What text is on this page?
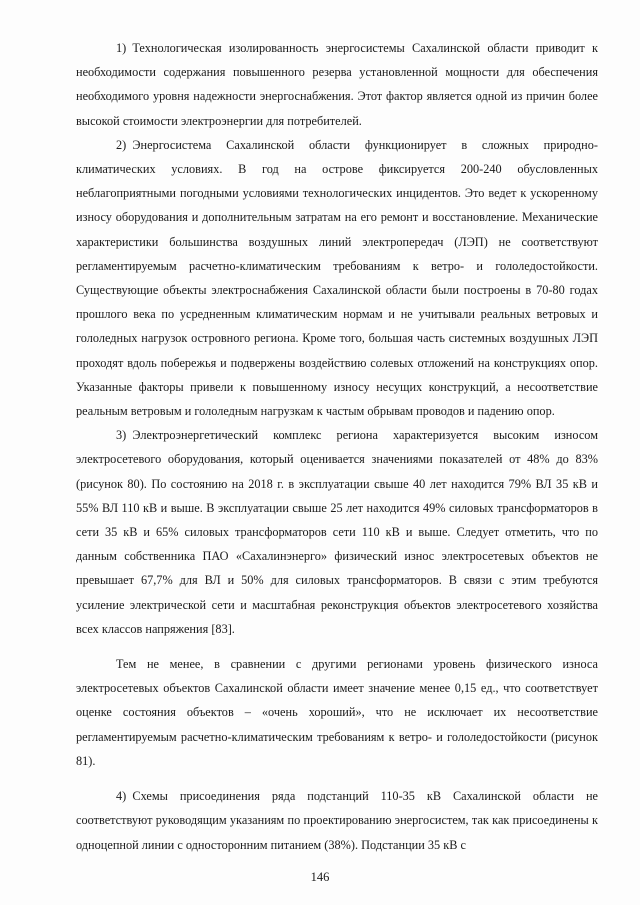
1) Технологическая изолированность энергосистемы Сахалинской области приводит к необходимости содержания повышенного резерва установленной мощности для обеспечения необходимого уровня надежности энергоснабжения. Этот фактор является одной из причин более высокой стоимости электроэнергии для потребителей.

2) Энергосистема Сахалинской области функционирует в сложных природно-климатических условиях. В год на острове фиксируется 200-240 обусловленных неблагоприятными погодными условиями технологических инцидентов. Это ведет к ускоренному износу оборудования и дополнительным затратам на его ремонт и восстановление. Механические характеристики большинства воздушных линий электропередач (ЛЭП) не соответствуют регламентируемым расчетно-климатическим требованиям к ветро- и гололедостойкости. Существующие объекты электроснабжения Сахалинской области были построены в 70-80 годах прошлого века по усредненным климатическим нормам и не учитывали реальных ветровых и гололедных нагрузок островного региона. Кроме того, большая часть системных воздушных ЛЭП проходят вдоль побережья и подвержены воздействию солевых отложений на конструкциях опор. Указанные факторы привели к повышенному износу несущих конструкций, а несоответствие реальным ветровым и гололедным нагрузкам к частым обрывам проводов и падению опор.

3) Электроэнергетический комплекс региона характеризуется высоким износом электросетевого оборудования, который оценивается значениями показателей от 48% до 83% (рисунок 80). По состоянию на 2018 г. в эксплуатации свыше 40 лет находится 79% ВЛ 35 кВ и 55% ВЛ 110 кВ и выше. В эксплуатации свыше 25 лет находится 49% силовых трансформаторов в сети 35 кВ и 65% силовых трансформаторов сети 110 кВ и выше. Следует отметить, что по данным собственника ПАО «Сахалинэнерго» физический износ электросетевых объектов не превышает 67,7% для ВЛ и 50% для силовых трансформаторов. В связи с этим требуются усиление электрической сети и масштабная реконструкция объектов электросетевого хозяйства всех классов напряжения [83].

Тем не менее, в сравнении с другими регионами уровень физического износа электросетевых объектов Сахалинской области имеет значение менее 0,15 ед., что соответствует оценке состояния объектов – «очень хороший», что не исключает их несоответствие регламентируемым расчетно-климатическим требованиям к ветро- и гололедостойкости (рисунок 81).

4) Схемы присоединения ряда подстанций 110-35 кВ Сахалинской области не соответствуют руководящим указаниям по проектированию энергосистем, так как присоединены к одноцепной линии с односторонним питанием (38%). Подстанции 35 кВ с

146
